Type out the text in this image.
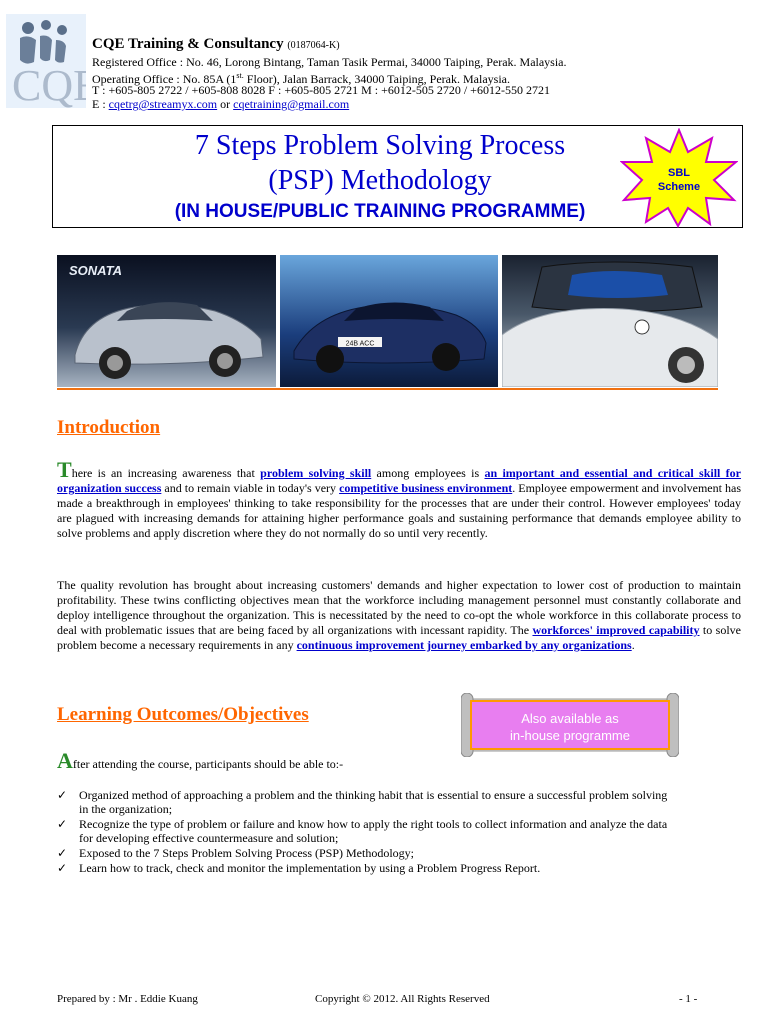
CQ
CQE Training & Consultancy (0187064-K)
Registered Office : No. 46, Lorong Bintang, Taman Tasik Permai, 34000 Taiping, Perak. Malaysia.
Operating Office : No. 85A ($1^{st.}$ Floor), Jalan Barrack, 34000 Taiping, Perak. Malaysia.
T : +605-805 2722 / +605-808 8028 F : +605-805 2721 M : +6012-505 2720 / +6012-550 2721
E : cqetrg@streamyx.com or cqetraining@gmail.com
7 Steps Problem Solving Process
(PSP) Methodology
(IN HOUSE/PUBLIC TRAINING PROGRAMME)
SBL
Scheme
SONATA
24B ACC
Introduction
There is an increasing awareness that problem solving skill among employees is an important and essential and critical skill for organization success and to remain viable in today's very competitive business environment. Employee empowerment and involvement has made a breakthrough in employees' thinking to take responsibility for the processes that are under their control. However employees' today are plagued with increasing demands for attaining higher performance goals and sustaining performance that demands employee ability to solve problems and apply discretion where they do not normally do so until very recently.
The quality revolution has brought about increasing customers' demands and higher expectation to lower cost of production to maintain profitability. These twins conflicting objectives mean that the workforce including management personnel must constantly collaborate and deploy intelligence throughout the organization. This is necessitated by the need to co-opt the whole workforce in this collaborate process to deal with problematic issues that are being faced by all organizations with incessant rapidity. The workforces' improved capability to solve problem become a necessary requirements in any continuous improvement journey embarked by any organizations.
Learning Outcomes/Objectives	Also available as
in-house programme
After attending the course, participants should be able to:-
✓ Organized method of approaching a problem and the thinking habit that is essential to ensure a successful problem solving in the organization;
✓ Recognize the type of problem or failure and know how to apply the right tools to collect information and analyze the data for developing effective countermeasure and solution;
✓ Exposed to the 7 Steps Problem Solving Process (PSP) Methodology;
✓ Learn how to track, check and monitor the implementation by using a Problem Progress Report.
Prepared by : Mr . Eddie Kuang	Copyright © 2012. All Rights Reserved	- 1 -
